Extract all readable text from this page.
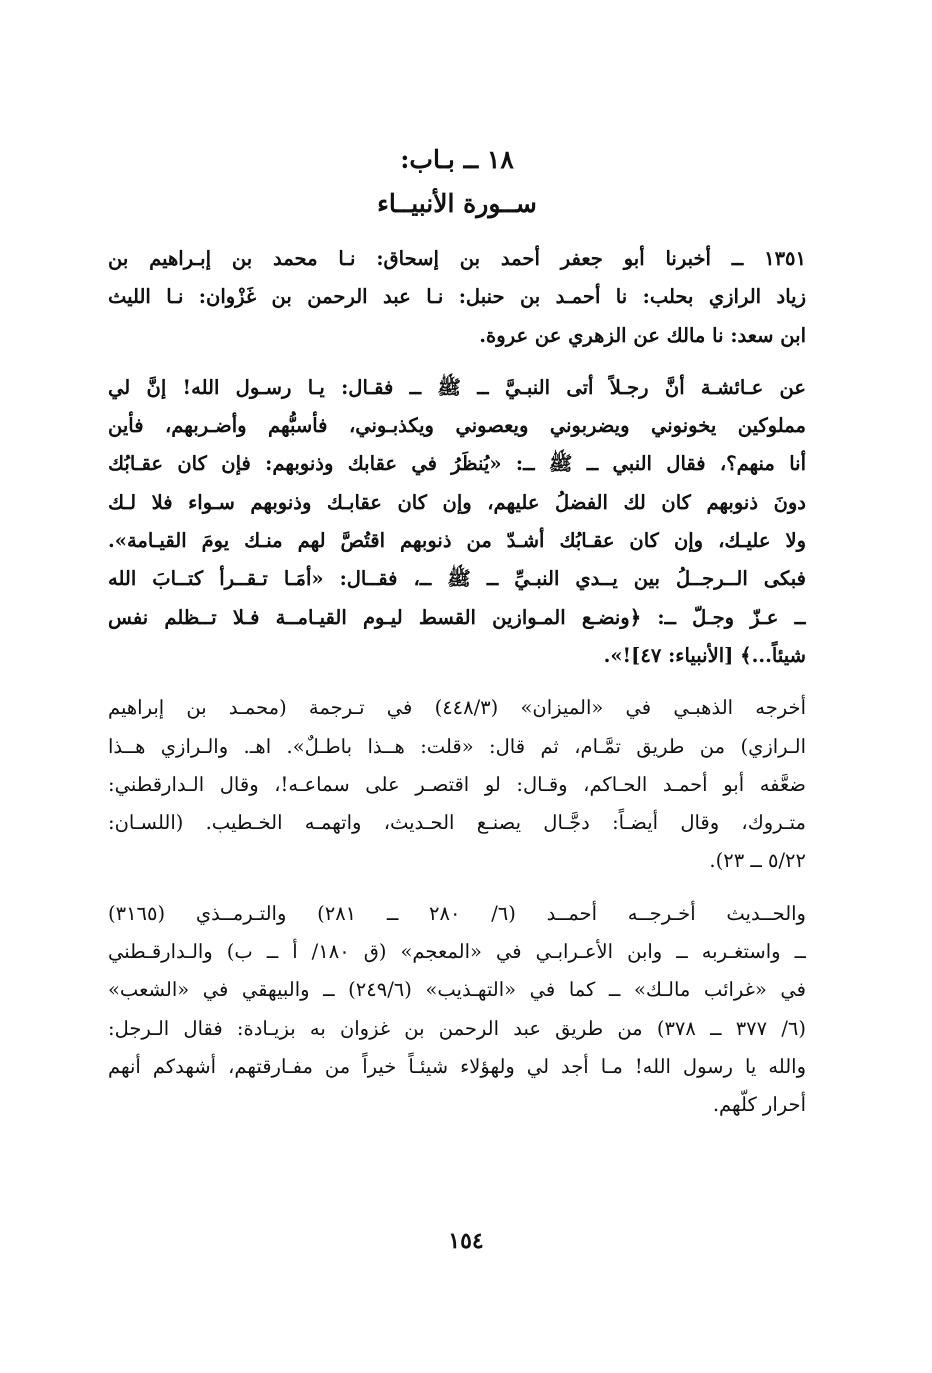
١٨ ــ بـاب:
ســورة الأنبيــاء
١٣٥١ ــ أخبرنا أبو جعفر أحمد بن إسحاق: نـا محمد بن إبـراهيم بن
زياد الرازي بحلب: نا أحمـد بن حنبل: نـا عبد الرحمن بن غَزْوان: نـا الليث
ابن سعد: نا مالك عن الزهري عن عروة.
عن عـائشـة أنَّ رجـلاً أتى النبـيَّ ــ ﷺ ــ فقـال: يـا رسـول الله! إنَّ لي
مملوكين يخونوني ويضربوني ويعصوني ويكذبـوني، فأسبُّهم وأضـربهم، فأين
أنا منهم؟، فقال النبي ــ ﷺ ــ: «يُنظَرُ في عقابك وذنوبهم: فإن كان عقـابُك
دونَ ذنوبهم كان لك الفضلُ عليهم، وإن كان عقابـك وذنوبهم سـواء فلا لـك
ولا عليـك، وإن كان عقـابُك أشـدّ من ذنوبهم اقتُصَّ لهم منـك يومَ القيـامة».
فبكى الــرجــلُ بين يــدي النبـيِّ ــ ﷺ ــ، فقــال: «أمَـا تـقــرأ كتــابَ الله
ــ عـزّ وجـلّ ــ: ﴿ونضـع المـوازين القسط ليـوم القيـامــة فـلا تــظلم نفس
شيئاً...﴾ [الأنبياء: ٤٧]!».
أخرجه الذهبـي في «الميزان» (٤٤٨/٣) في تـرجمة (محمـد بن إبراهيم
الـرازي) من طريق تمَّـام، ثم قال: «قلت: هــذا باطـلٌ». اهـ. والـرازي هــذا
ضعَّفه أبو أحمـد الحـاكم، وقـال: لو اقتصـر على سماعـه!، وقال الـدارقطني:
متـروك، وقال أيضـاً: دجَّـال يصنـع الحـديث، واتهمـه الخـطيب. (اللسـان:
٥/٢٢ ــ ٢٣).
والحــديث أخـرجــه أحمــد (٦/ ٢٨٠ ــ ٢٨١) والتـرمــذي (٣١٦٥)
ــ واستغـربه ــ وابن الأعـرابـي في «المعجم» (ق ١٨٠/ أ ــ ب) والـدارقـطني
في «غرائب مالـك» ــ كما في «التهـذيب» (٢٤٩/٦) ــ والبيهقي في «الشعب»
(٦/ ٣٧٧ ــ ٣٧٨) من طريق عبد الرحمن بن غزوان به بزيـادة: فقال الـرجل:
والله يا رسول الله! مـا أجد لي ولهؤلاء شيئـاً خيراً من مفـارقتهم، أشهدكم أنهم
أحرار كلّهم.
١٥٤
